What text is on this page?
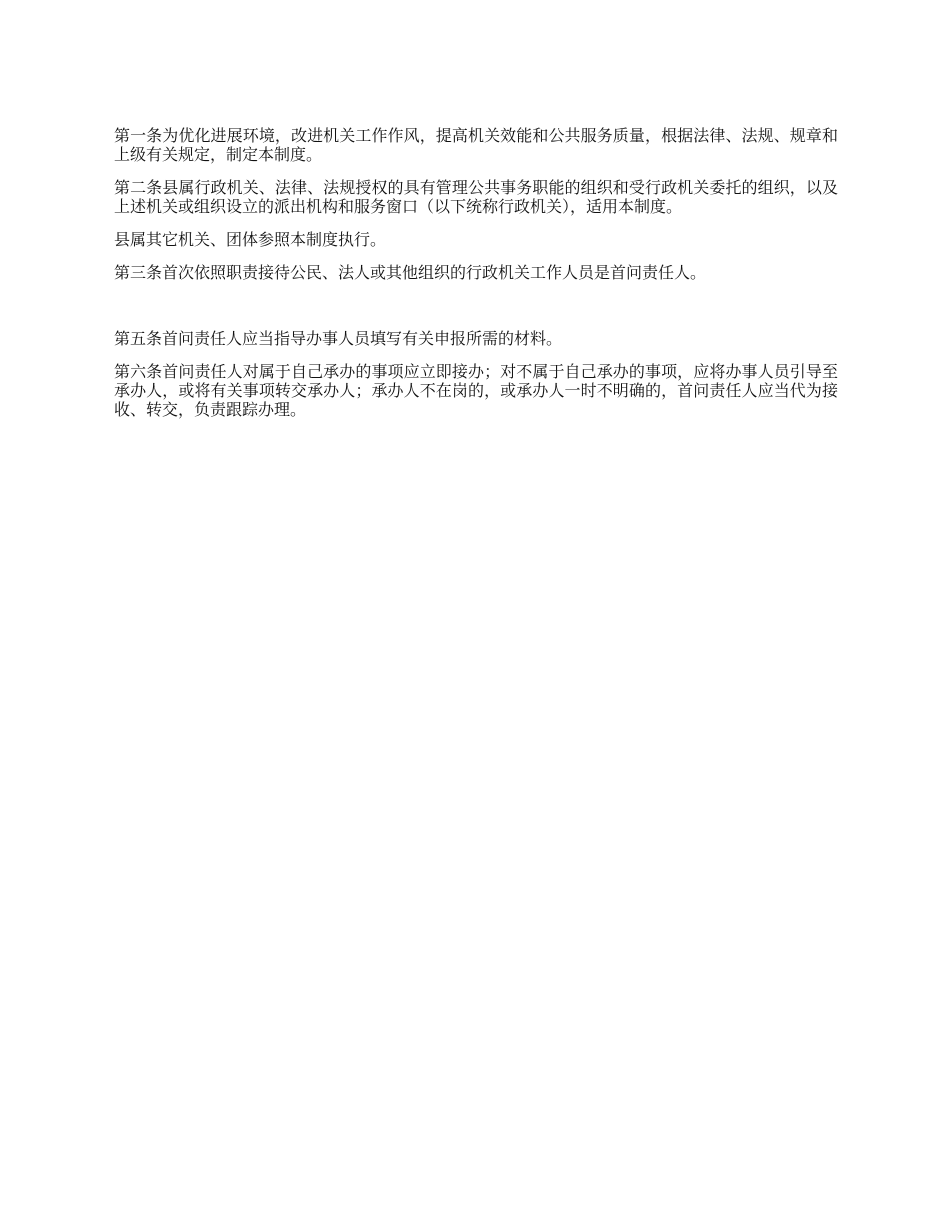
第一条为优化进展环境，改进机关工作作风，提高机关效能和公共服务质量，根据法律、法规、规章和上级有关规定，制定本制度。

第二条县属行政机关、法律、法规授权的具有管理公共事务职能的组织和受行政机关委托的组织，以及上述机关或组织设立的派出机构和服务窗口（以下统称行政机关），适用本制度。

县属其它机关、团体参照本制度执行。

第三条首次依照职责接待公民、法人或其他组织的行政机关工作人员是首问责任人。

第五条首问责任人应当指导办事人员填写有关申报所需的材料。

第六条首问责任人对属于自己承办的事项应立即接办；对不属于自己承办的事项，应将办事人员引导至承办人，或将有关事项转交承办人；承办人不在岗的，或承办人一时不明确的，首问责任人应当代为接收、转交，负责跟踪办理。
